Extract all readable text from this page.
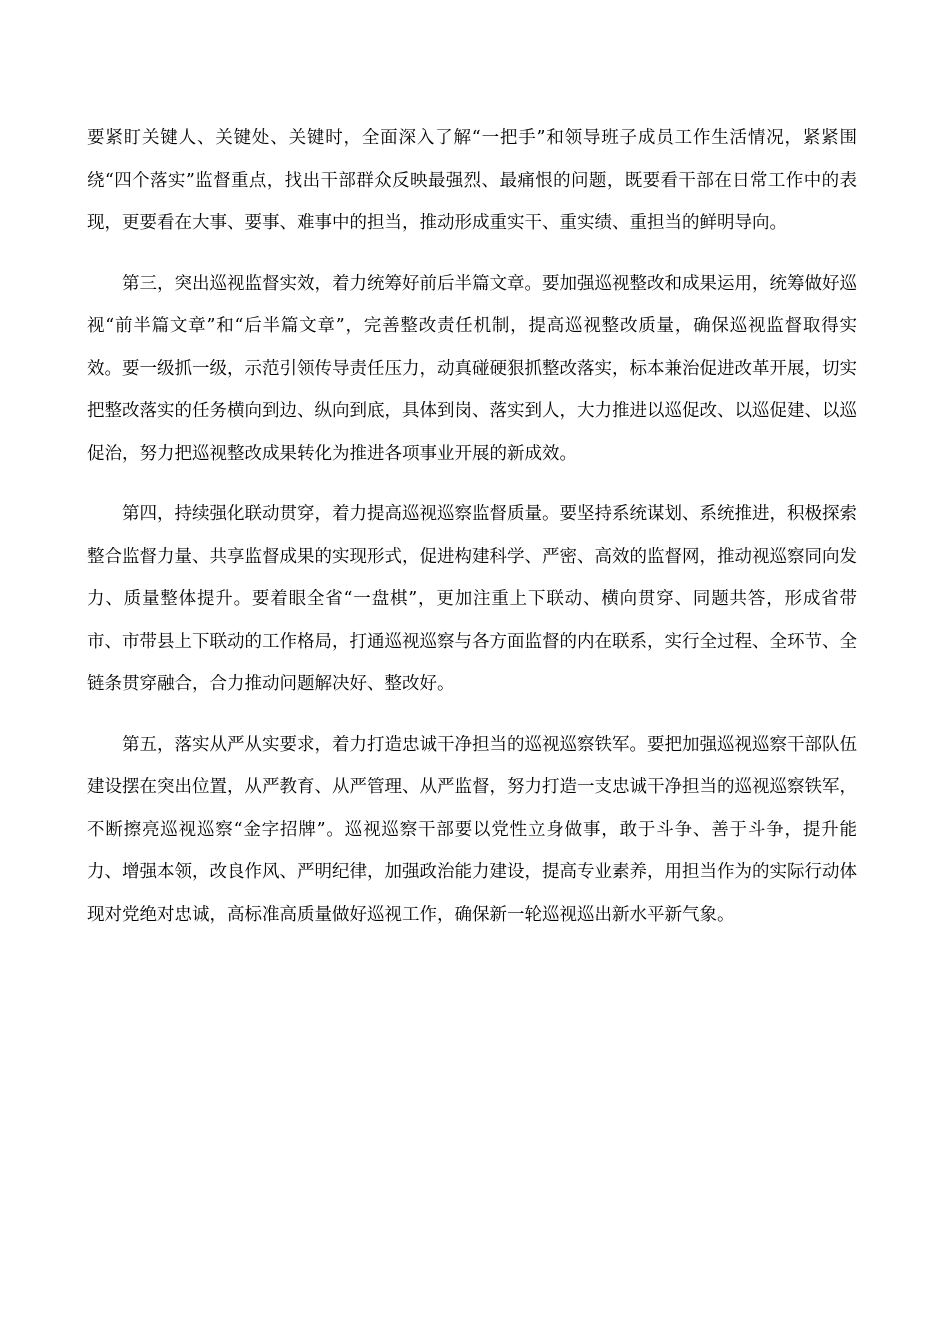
要紧盯关键人、关键处、关键时，全面深入了解“一把手”和领导班子成员工作生活情况，紧紧围绕“四个落实”监督重点，找出干部群众反映最强烈、最痛恨的问题，既要看干部在日常工作中的表现，更要看在大事、要事、难事中的担当，推动形成重实干、重实绩、重担当的鲜明导向。

第三，突出巡视监督实效，着力统筹好前后半篇文章。要加强巡视整改和成果运用，统筹做好巡视“前半篇文章”和“后半篇文章”，完善整改责任机制，提高巡视整改质量，确保巡视监督取得实效。要一级抓一级，示范引领传导责任压力，动真碰硬狠抓整改落实，标本兼治促进改革开展，切实把整改落实的任务横向到边、纵向到底，具体到岗、落实到人，大力推进以巡促改、以巡促建、以巡促治，努力把巡视整改成果转化为推进各项事业开展的新成效。

第四，持续强化联动贯穿，着力提高巡视巡察监督质量。要坚持系统谋划、系统推进，积极探索整合监督力量、共享监督成果的实现形式，促进构建科学、严密、高效的监督网，推动视巡察同向发力、质量整体提升。要着眼全省“一盘棋”，更加注重上下联动、横向贯穿、同题共答，形成省带市、市带县上下联动的工作格局，打通巡视巡察与各方面监督的内在联系，实行全过程、全环节、全链条贯穿融合，合力推动问题解决好、整改好。

第五，落实从严从实要求，着力打造忠诚干净担当的巡视巡察铁军。要把加强巡视巡察干部队伍建设摆在突出位置，从严教育、从严管理、从严监督，努力打造一支忠诚干净担当的巡视巡察铁军，不断擦亮巡视巡察“金字招牌”。巡视巡察干部要以党性立身做事，敢于斗争、善于斗争，提升能力、增强本领，改良作风、严明纪律，加强政治能力建设，提高专业素养，用担当作为的实际行动体现对党绝对忠诚，高标准高质量做好巡视工作，确保新一轮巡视巡出新水平新气象。
